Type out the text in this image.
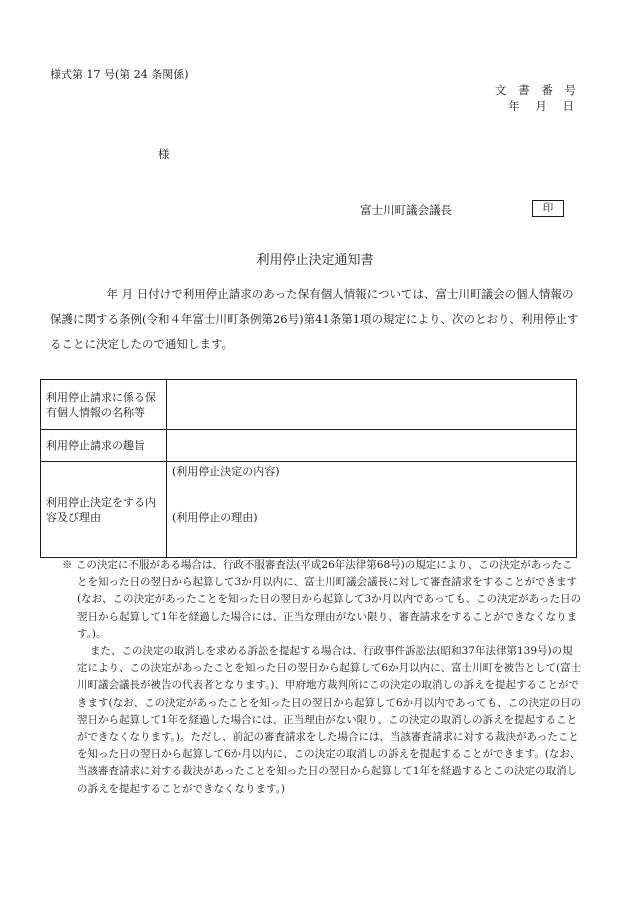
様式第 17 号(第 24 条関係)
文 書 番 号
年 月 日
様
富士川町議会議長	印
利用停止決定通知書

　年 月 日付けで利用停止請求のあった保有個人情報については、富士川町議会の個人情報の保護に関する条例(令和４年富士川町条例第26号)第41条第1項の規定により、次のとおり、利用停止することに決定したので通知します。

利用停止請求に係る保有個人情報の名称等	
利用停止請求の趣旨	
利用停止決定をする内容及び理由	(利用停止決定の内容)
(利用停止の理由)

※ この決定に不服がある場合は、行政不服審査法(平成26年法律第68号)の規定により、この決定があったことを知った日の翌日から起算して3か月以内に、富士川町議会議長に対して審査請求をすることができます(なお、この決定があったことを知った日の翌日から起算して3か月以内であっても、この決定があった日の翌日から起算して1年を経過した場合には、正当な理由がない限り、審査請求をすることができなくなります。)。

また、この決定の取消しを求める訴訟を提起する場合は、行政事件訴訟法(昭和37年法律第139号)の規定により、この決定があったことを知った日の翌日から起算して6か月以内に、富士川町を被告として(富士川町議会議長が被告の代表者となります。)、甲府地方裁判所にこの決定の取消しの訴えを提起することができます(なお、この決定があったことを知った日の翌日から起算して6か月以内であっても、この決定の日の翌日から起算して1年を経過した場合には、正当理由がない限り、この決定の取消しの訴えを提起することができなくなります。)。ただし、前記の審査請求をした場合には、当該審査請求に対する裁決があったことを知った日の翌日から起算して6か月以内に、この決定の取消しの訴えを提起することができます。(なお、当該審査請求に対する裁決があったことを知った日の翌日から起算して1年を経過するとこの決定の取消しの訴えを提起することができなくなります。)
